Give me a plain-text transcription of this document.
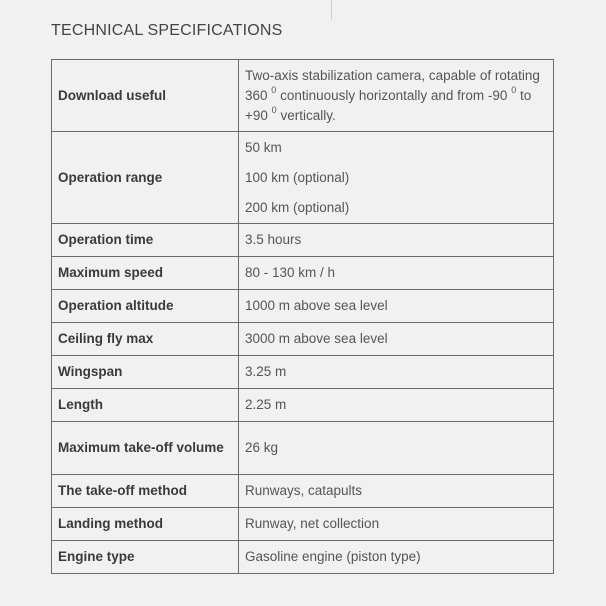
TECHNICAL SPECIFICATIONS
Download useful	Two-axis stabilization camera, capable of rotating 360 $^0$ continuously horizontally and from -90 $^0$ to +90 $^0$ vertically.
Operation range	50 km
100 km (optional)
200 km (optional)

Operation time	3.5 hours
Maximum speed	80 - 130 km / h
Operation altitude	1000 m above sea level
Ceiling fly max	3000 m above sea level
Wingspan	3.25 m
Length	2.25 m
Maximum take-off volume	26 kg
The take-off method	Runways, catapults
Landing method	Runway, net collection
Engine type	Gasoline engine (piston type)
